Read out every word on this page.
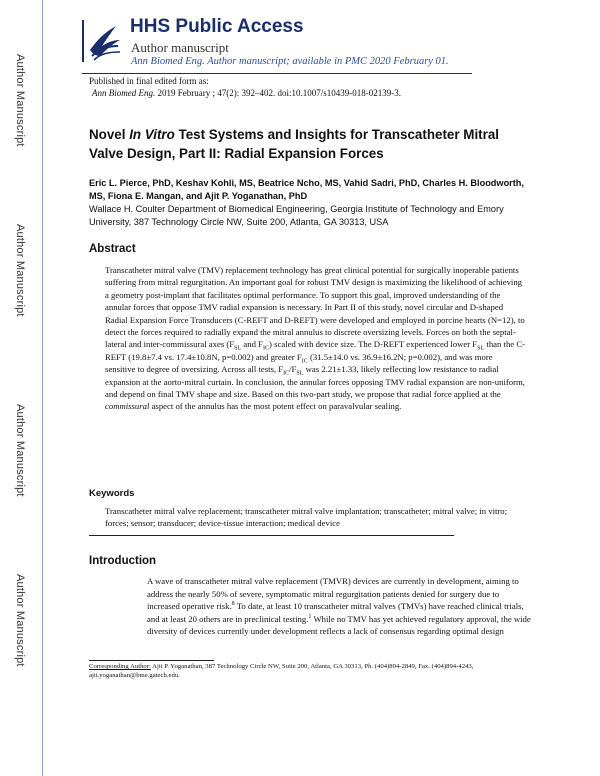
Author Manuscript
Author Manuscript
Author Manuscript
Author Manuscript
HHS Public Access
Author manuscript
Ann Biomed Eng. Author manuscript; available in PMC 2020 February 01.
Published in final edited form as:
Ann Biomed Eng. 2019 February ; 47(2): 392–402. doi:10.1007/s10439-018-02139-3.
Novel In Vitro Test Systems and Insights for Transcatheter Mitral Valve Design, Part II: Radial Expansion Forces
Eric L. Pierce, PhD, Keshav Kohli, MS, Beatrice Ncho, MS, Vahid Sadri, PhD, Charles H. Bloodworth, MS, Fiona E. Mangan, and Ajit P. Yoganathan, PhD
Wallace H. Coulter Department of Biomedical Engineering, Georgia Institute of Technology and Emory University, 387 Technology Circle NW, Suite 200, Atlanta, GA 30313, USA
Abstract
Transcatheter mitral valve (TMV) replacement technology has great clinical potential for surgically inoperable patients suffering from mitral regurgitation. An important goal for robust TMV design is maximizing the likelihood of achieving a geometry post-implant that facilitates optimal performance. To support this goal, improved understanding of the annular forces that oppose TMV radial expansion is necessary. In Part II of this study, novel circular and D-shaped Radial Expansion Force Transducers (C-REFT and D-REFT) were developed and employed in porcine hearts (N=12), to detect the forces required to radially expand the mitral annulus to discrete oversizing levels. Forces on both the septal-lateral and inter-commissural axes ($F_{SL}$ and $F_{IC}$) scaled with device size. The D-REFT experienced lower $F_{SL}$ than the C-REFT (19.8±7.4 vs. 17.4±10.8N, p=0.002) and greater $F_{IC}$ (31.5±14.0 vs. 36.9±16.2N; p=0.002), and was more sensitive to degree of oversizing. Across all tests, $F_{IC}/F_{SL}$ was 2.21±1.33, likely reflecting low resistance to radial expansion at the aorto-mitral curtain. In conclusion, the annular forces opposing TMV radial expansion are non-uniform, and depend on final TMV shape and size. Based on this two-part study, we propose that radial force applied at the commissural aspect of the annulus has the most potent effect on paravalvular sealing.
Keywords
Transcatheter mitral valve replacement; transcatheter mitral valve implantation; transcatheter; mitral valve; in vitro; forces; sensor; transducer; device-tissue interaction; medical device
Introduction
A wave of transcatheter mitral valve replacement (TMVR) devices are currently in development, aiming to address the nearly 50% of severe, symptomatic mitral regurgitation patients denied for surgery due to increased operative risk.$^8$ To date, at least 10 transcatheter mitral valves (TMVs) have reached clinical trials, and at least 20 others are in preclinical testing.$^1$ While no TMV has yet achieved regulatory approval, the wide diversity of devices currently under development reflects a lack of consensus regarding optimal design
Corresponding Author: Ajit P. Yoganathan, 387 Technology Circle NW, Suite 200, Atlanta, GA 30313, Ph. (404)894-2849, Fax. (404)894-4243, ajit.yoganathan@bme.gatech.edu.
